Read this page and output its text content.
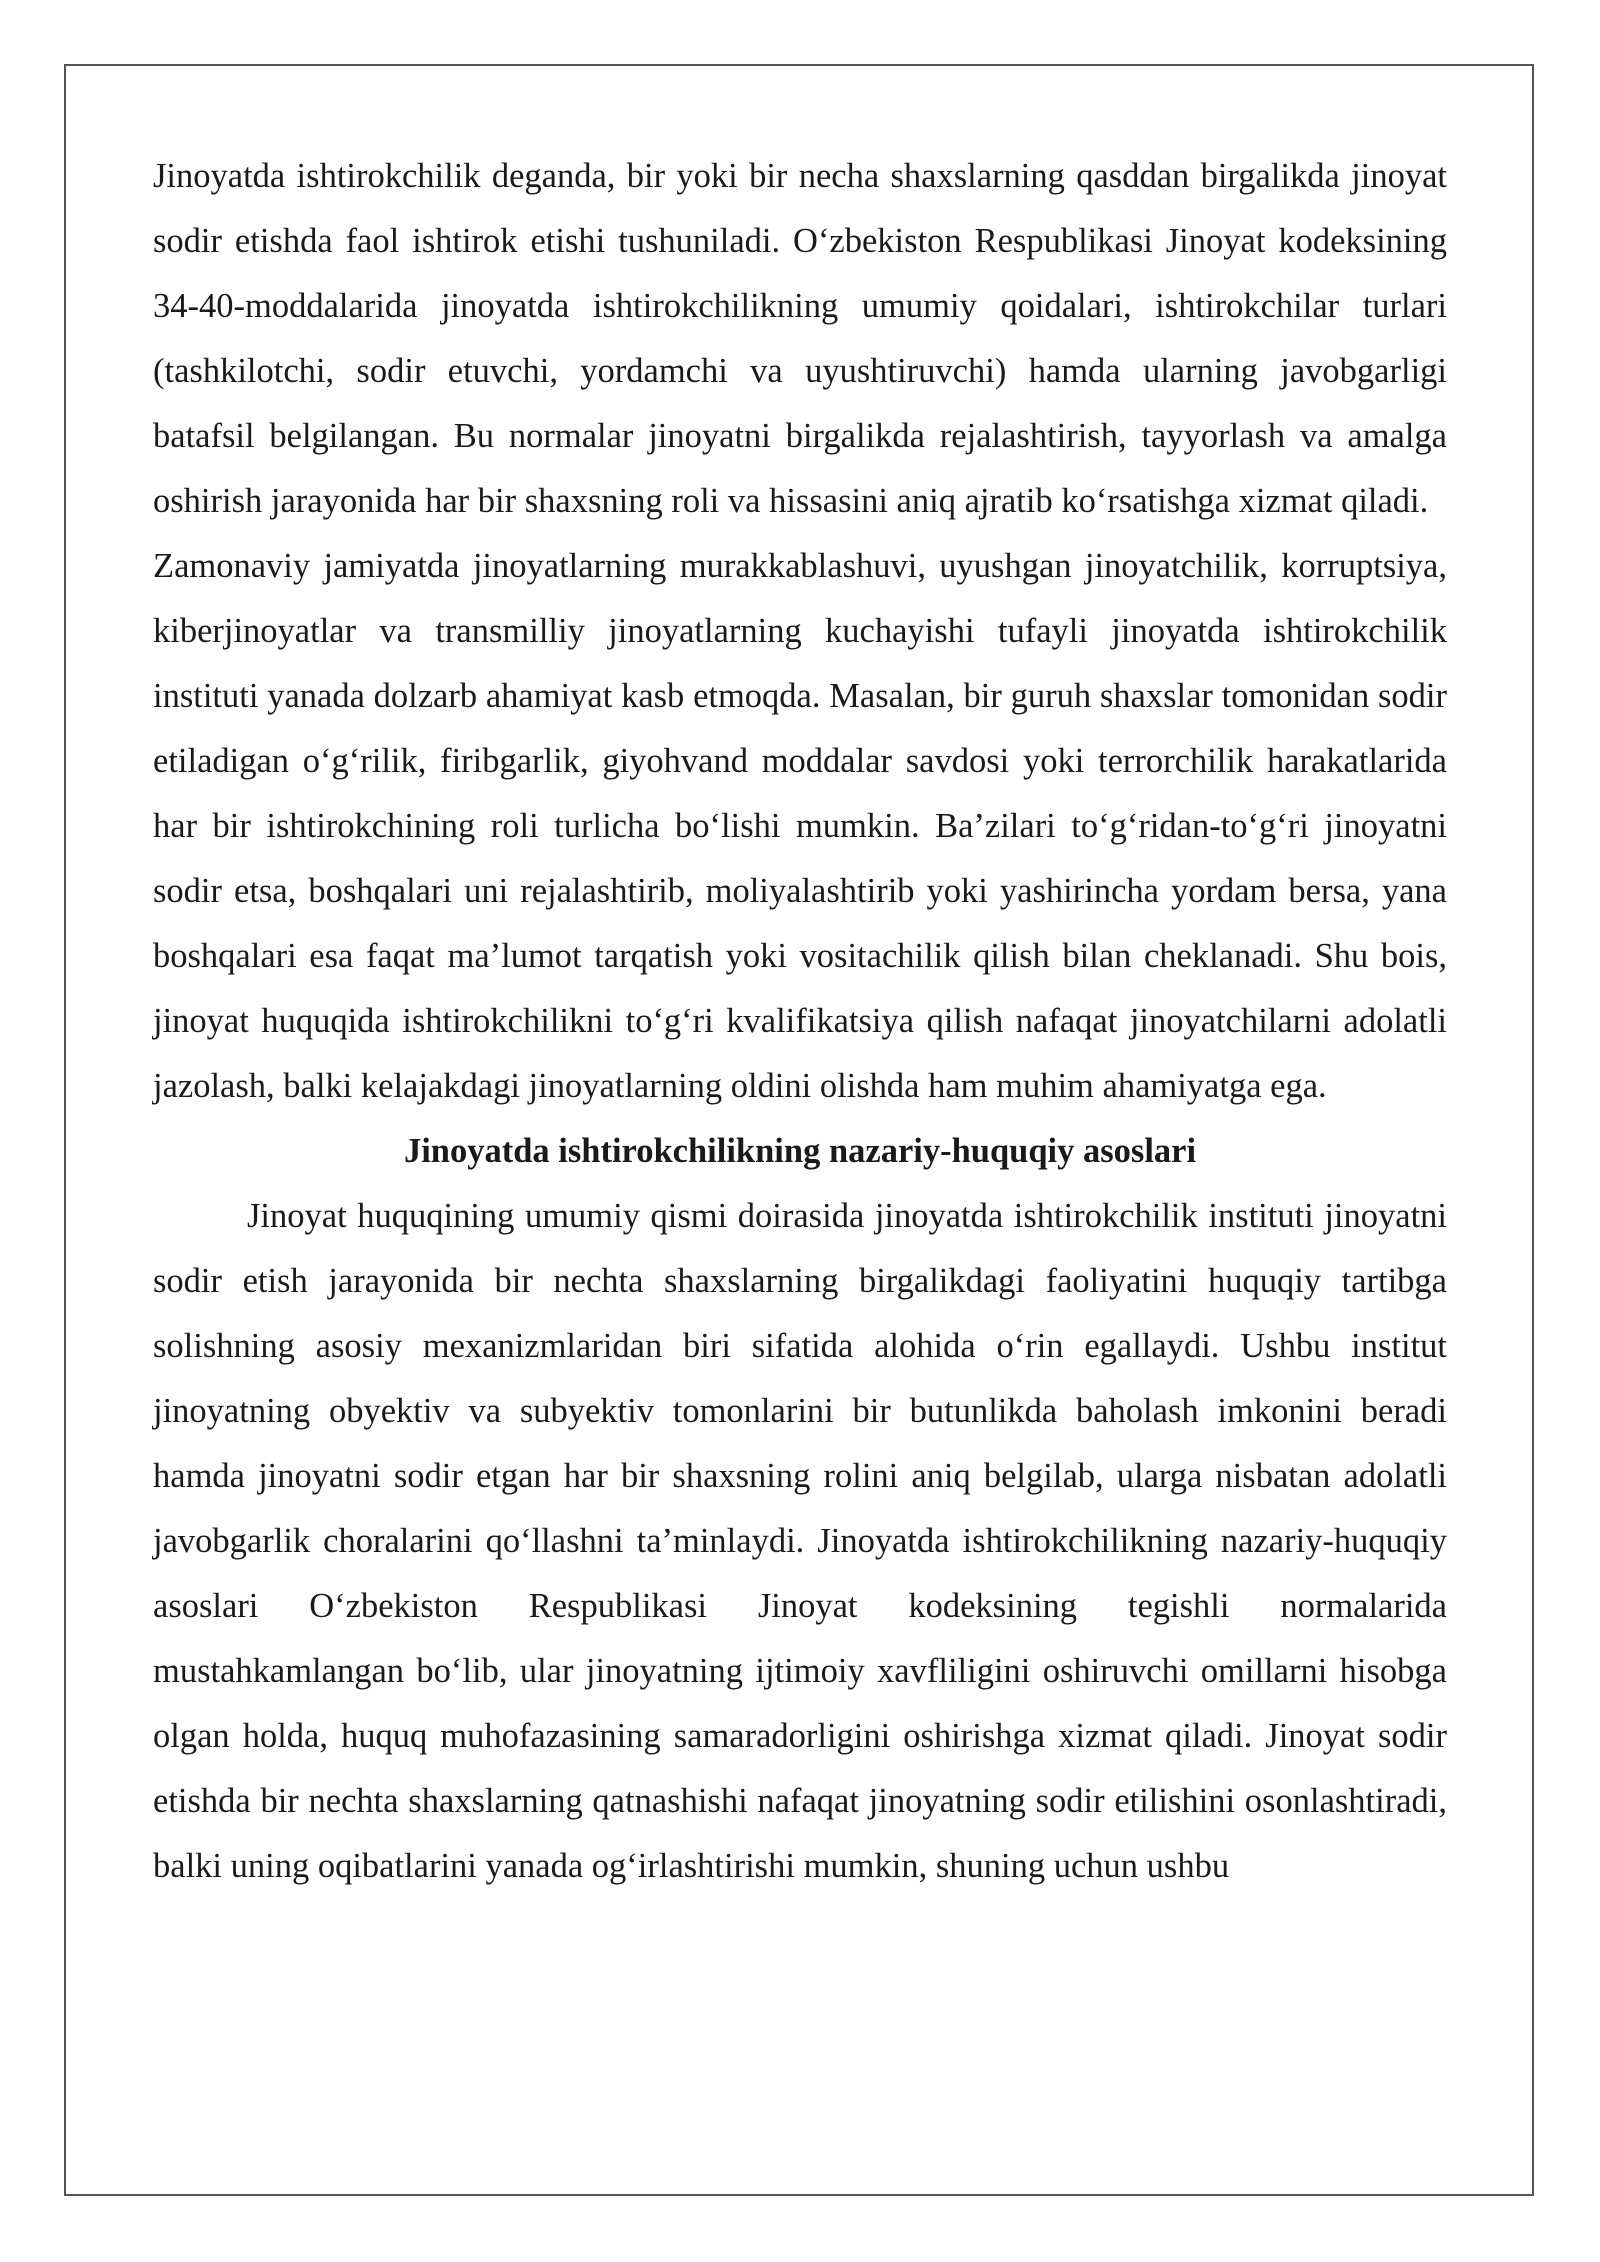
Jinoyatda ishtirokchilik deganda, bir yoki bir necha shaxslarning qasddan birgalikda jinoyat sodir etishda faol ishtirok etishi tushuniladi. O‘zbekiston Respublikasi Jinoyat kodeksining 34-40-moddalarida jinoyatda ishtirokchilikning umumiy qoidalari, ishtirokchilar turlari (tashkilotchi, sodir etuvchi, yordamchi va uyushtiruvchi) hamda ularning javobgarligi batafsil belgilangan. Bu normalar jinoyatni birgalikda rejalashtirish, tayyorlash va amalga oshirish jarayonida har bir shaxsning roli va hissasini aniq ajratib ko‘rsatishga xizmat qiladi.

Zamonaviy jamiyatda jinoyatlarning murakkablashuvi, uyushgan jinoyatchilik, korruptsiya, kiberjinoyatlar va transmilliy jinoyatlarning kuchayishi tufayli jinoyatda ishtirokchilik instituti yanada dolzarb ahamiyat kasb etmoqda. Masalan, bir guruh shaxslar tomonidan sodir etiladigan o‘g‘rilik, firibgarlik, giyohvand moddalar savdosi yoki terrorchilik harakatlarida har bir ishtirokchining roli turlicha bo‘lishi mumkin. Ba’zilari to‘g‘ridan-to‘g‘ri jinoyatni sodir etsa, boshqalari uni rejalashtirib, moliyalashtirib yoki yashirincha yordam bersa, yana boshqalari esa faqat ma’lumot tarqatish yoki vositachilik qilish bilan cheklanadi. Shu bois, jinoyat huquqida ishtirokchilikni to‘g‘ri kvalifikatsiya qilish nafaqat jinoyatchilarni adolatli jazolash, balki kelajakdagi jinoyatlarning oldini olishda ham muhim ahamiyatga ega.

Jinoyatda ishtirokchilikning nazariy-huquqiy asoslari

Jinoyat huquqining umumiy qismi doirasida jinoyatda ishtirokchilik instituti jinoyatni sodir etish jarayonida bir nechta shaxslarning birgalikdagi faoliyatini huquqiy tartibga solishning asosiy mexanizmlaridan biri sifatida alohida o‘rin egallaydi. Ushbu institut jinoyatning obyektiv va subyektiv tomonlarini bir butunlikda baholash imkonini beradi hamda jinoyatni sodir etgan har bir shaxsning rolini aniq belgilab, ularga nisbatan adolatli javobgarlik choralarini qo‘llashni ta’minlaydi. Jinoyatda ishtirokchilikning nazariy-huquqiy asoslari O‘zbekiston Respublikasi Jinoyat kodeksining tegishli normalarida mustahkamlangan bo‘lib, ular jinoyatning ijtimoiy xavfliligini oshiruvchi omillarni hisobga olgan holda, huquq muhofazasining samaradorligini oshirishga xizmat qiladi. Jinoyat sodir etishda bir nechta shaxslarning qatnashishi nafaqat jinoyatning sodir etilishini osonlashtiradi, balki uning oqibatlarini yanada og‘irlashtirishi mumkin, shuning uchun ushbu
